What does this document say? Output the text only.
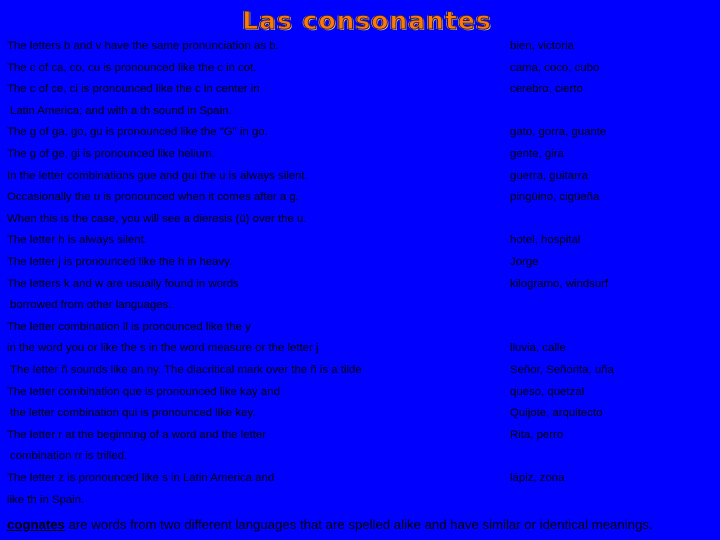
Las consonantes
The letters b and v have the same pronunciation as b.	bien, victoria
The c of ca, co, cu is pronounced like the c in cot.	cama, coco, cubo
The c of ce, ci is pronounced like the c in center in	cerebro, cierto
Latin America; and with a th sound in Spain.
The g of ga, go, gu is pronounced like the "G" in go.	gato, gorra, guante
The g of ge, gi is pronounced like helium.	gente, gira
In the letter combinations gue and gui the u is always silent.	guerra, guitarra
Occasionally the u is pronounced when it comes after a g.	pingüino, cigüeña
When this is the case, you will see a dieresis (ü) over the u.
The letter h is always silent.	hotel, hospital
The letter j is pronounced like the h in heavy.	Jorge
The letters k and w are usually found in words	kilogramo, windsurf
borrowed from other languages.
The letter combination ll is pronounced like the y
in the word you or like the s in the word measure or the letter j	lluvia, calle
The letter ñ sounds like an ny. The diacritical mark over the ñ is a tilde	Señor, Señorita, uña
The letter combination que is pronounced like kay and	queso, quetzal
the letter combination qui is pronounced like key.	Quijote, arquitecto
The letter r at the beginning of a word and the letter	Rita, perro
combination rr is trilled.
The letter z is pronounced like s in Latin America and	lápiz, zona
like th in Spain.
cognates are words from two different languages that are spelled alike and have similar or identical meanings.
